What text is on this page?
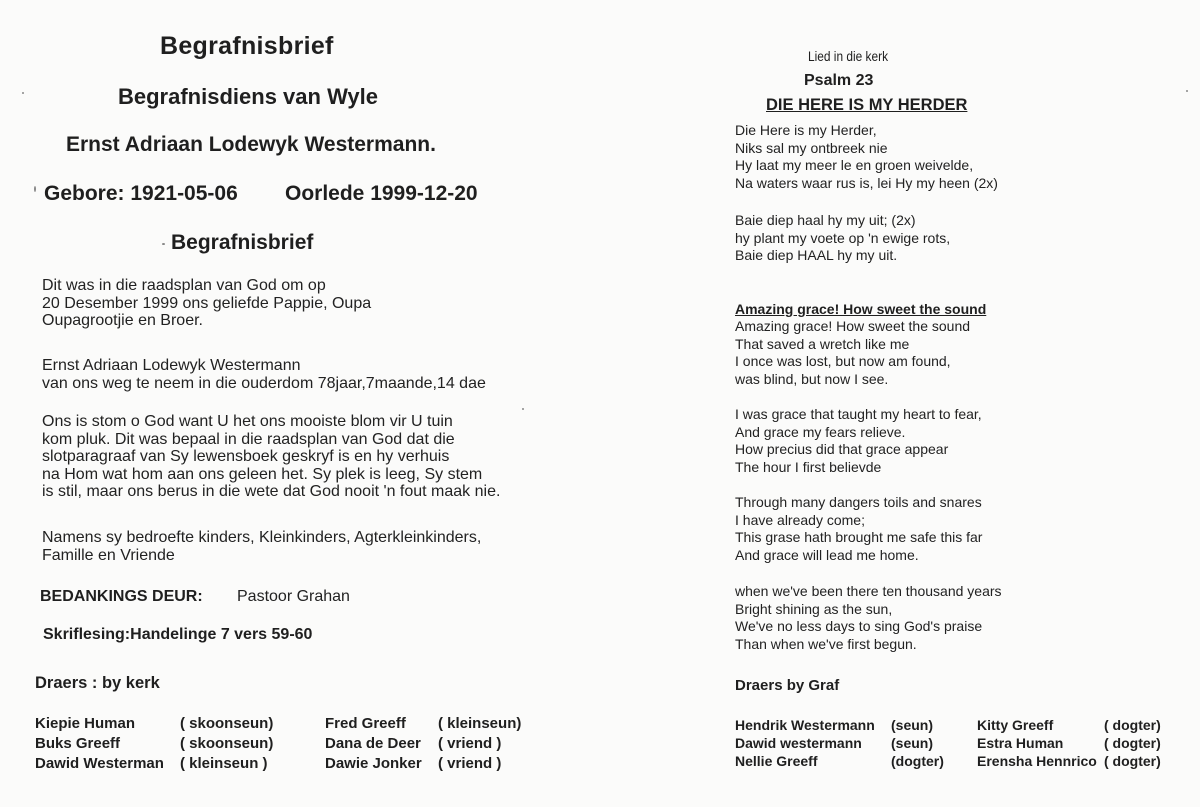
Begrafnisbrief
Begrafnisdiens van Wyle
Ernst Adriaan Lodewyk Westermann.
Gebore: 1921-05-06 Oorlede 1999-12-20
Begrafnisbrief

Dit was in die raadsplan van God om op

20 Desember 1999 ons geliefde Pappie, Oupa

Oupagrootjie en Broer.

Ernst Adriaan Lodewyk Westermann

van ons weg te neem in die ouderdom 78jaar,7maande,14 dae

Ons is stom o God want U het ons mooiste blom vir U tuin

kom pluk. Dit was bepaal in die raadsplan van God dat die

slotparagraaf van Sy lewensboek geskryf is en hy verhuis

na Hom wat hom aan ons geleen het. Sy plek is leeg, Sy stem

is stil, maar ons berus in die wete dat God nooit 'n fout maak nie.

Namens sy bedroefte kinders, Kleinkinders, Agterkleinkinders,

Famille en Vriende

BEDANKINGS DEUR: Pastoor Grahan
Skriflesing:Handelinge 7 vers 59-60
Draers : by kerk
Kiepie Human	( skoonseun)	Fred Greeff	( kleinseun)
Buks Greeff	( skoonseun)	Dana de Deer	( vriend )
Dawid Westerman	( kleinseun )	Dawie Jonker	( vriend )
Lied in die kerk
Psalm 23
DIE HERE IS MY HERDER

Die Here is my Herder,

Niks sal my ontbreek nie

Hy laat my meer le en groen weivelde,

Na waters waar rus is, lei Hy my heen (2x)

Baie diep haal hy my uit; (2x)

hy plant my voete op 'n ewige rots,

Baie diep HAAL hy my uit.

Amazing grace! How sweet the sound

Amazing grace! How sweet the sound

That saved a wretch like me

I once was lost, but now am found,

was blind, but now I see.

I was grace that taught my heart to fear,

And grace my fears relieve.

How precius did that grace appear

The hour I first believde

Through many dangers toils and snares

I have already come;

This grase hath brought me safe this far

And grace will lead me home.

when we've been there ten thousand years

Bright shining as the sun,

We've no less days to sing God's praise

Than when we've first begun.

Draers by Graf
Hendrik Westermann	(seun)	Kitty Greeff	( dogter)
Dawid westermann	(seun)	Estra Human	( dogter)
Nellie Greeff	(dogter)	Erensha Hennrico	( dogter)
